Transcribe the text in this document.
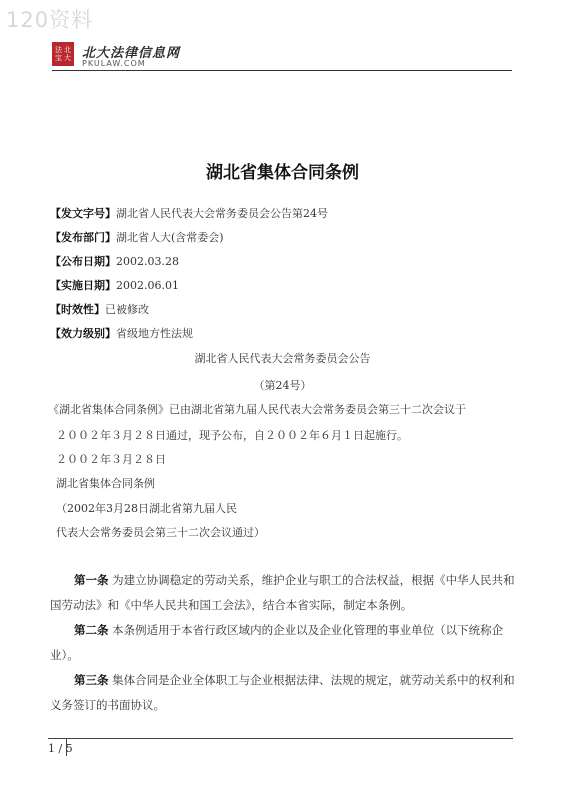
120资料
法 北
宝 大 北大法律信息网
PKULAW.COM
湖北省集体合同条例
【发文字号】湖北省人民代表大会常务委员会公告第24号
【发布部门】湖北省人大(含常委会)
【公布日期】2002.03.28
【实施日期】2002.06.01
【时效性】已被修改
【效力级别】省级地方性法规
湖北省人民代表大会常务委员会公告
（第24号）
《湖北省集体合同条例》已由湖北省第九届人民代表大会常务委员会第三十二次会议于
２００２年３月２８日通过，现予公布，自２００２年６月１日起施行。
２００２年３月２８日
湖北省集体合同条例
（2002年3月28日湖北省第九届人民
代表大会常务委员会第三十二次会议通过）
第一条 为建立协调稳定的劳动关系，维护企业与职工的合法权益，根据《中华人民共和国劳动法》和《中华人民共和国工会法》，结合本省实际，制定本条例。
第二条 本条例适用于本省行政区域内的企业以及企业化管理的事业单位（以下统称企业）。
第三条 集体合同是企业全体职工与企业根据法律、法规的规定，就劳动关系中的权利和义务签订的书面协议。
1 / 5
